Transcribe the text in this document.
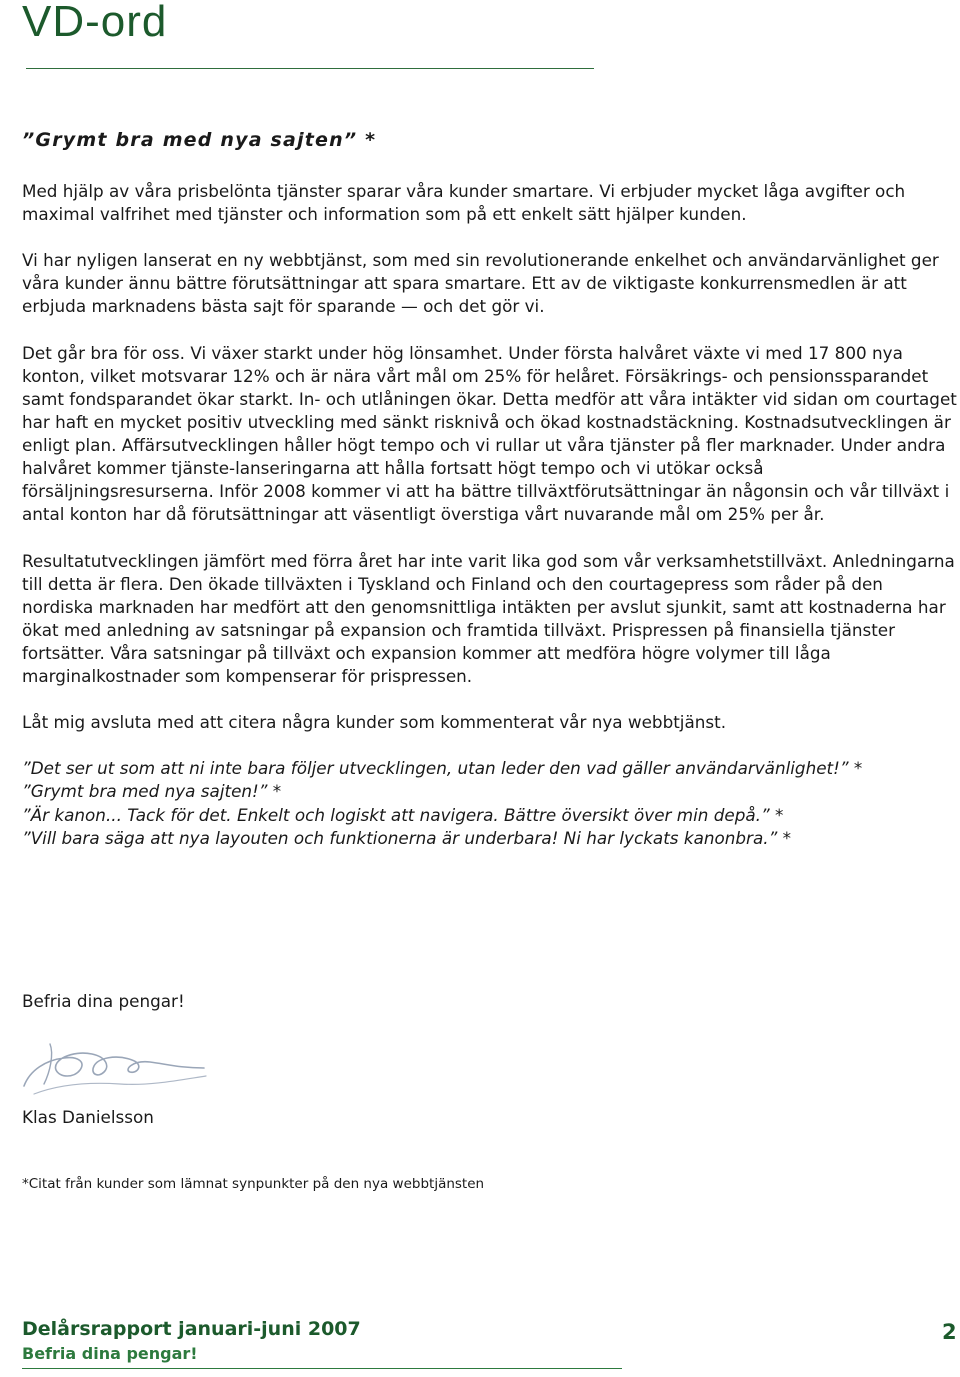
VD-ord
”Grymt bra med nya sajten” *

Med hjälp av våra prisbelönta tjänster sparar våra kunder smartare. Vi erbjuder mycket låga avgifter och maximal valfrihet med tjänster och information som på ett enkelt sätt hjälper kunden.

Vi har nyligen lanserat en ny webbtjänst, som med sin revolutionerande enkelhet och användarvänlighet ger våra kunder ännu bättre förutsättningar att spara smartare. Ett av de viktigaste konkurrensmedlen är att erbjuda marknadens bästa sajt för sparande — och det gör vi.

Det går bra för oss. Vi växer starkt under hög lönsamhet. Under första halvåret växte vi med 17 800 nya konton, vilket motsvarar 12% och är nära vårt mål om 25% för helåret. Försäkrings- och pensionssparandet samt fondsparandet ökar starkt. In- och utlåningen ökar. Detta medför att våra intäkter vid sidan om courtaget har haft en mycket positiv utveckling med sänkt risknivå och ökad kostnadstäckning. Kostnadsutvecklingen är enligt plan. Affärsutvecklingen håller högt tempo och vi rullar ut våra tjänster på fler marknader. Under andra halvåret kommer tjänste-lanseringarna att hålla fortsatt högt tempo och vi utökar också försäljningsresurserna. Inför 2008 kommer vi att ha bättre tillväxtförutsättningar än någonsin och vår tillväxt i antal konton har då förutsättningar att väsentligt överstiga vårt nuvarande mål om 25% per år.

Resultatutvecklingen jämfört med förra året har inte varit lika god som vår verksamhetstillväxt. Anledningarna till detta är flera. Den ökade tillväxten i Tyskland och Finland och den courtagepress som råder på den nordiska marknaden har medfört att den genomsnittliga intäkten per avslut sjunkit, samt att kostnaderna har ökat med anledning av satsningar på expansion och framtida tillväxt. Prispressen på finansiella tjänster fortsätter. Våra satsningar på tillväxt och expansion kommer att medföra högre volymer till låga marginalkostnader som kompenserar för prispressen.

Låt mig avsluta med att citera några kunder som kommenterat vår nya webbtjänst.

”Det ser ut som att ni inte bara följer utvecklingen, utan leder den vad gäller användarvänlighet!” *
”Grymt bra med nya sajten!” *
”Är kanon... Tack för det. Enkelt och logiskt att navigera. Bättre översikt över min depå.” *
”Vill bara säga att nya layouten och funktionerna är underbara! Ni har lyckats kanonbra.” *
Befria dina pengar!
Klas Danielsson
*Citat från kunder som lämnat synpunkter på den nya webbtjänsten
Delårsrapport januari-juni 2007
Befria dina pengar!
2
